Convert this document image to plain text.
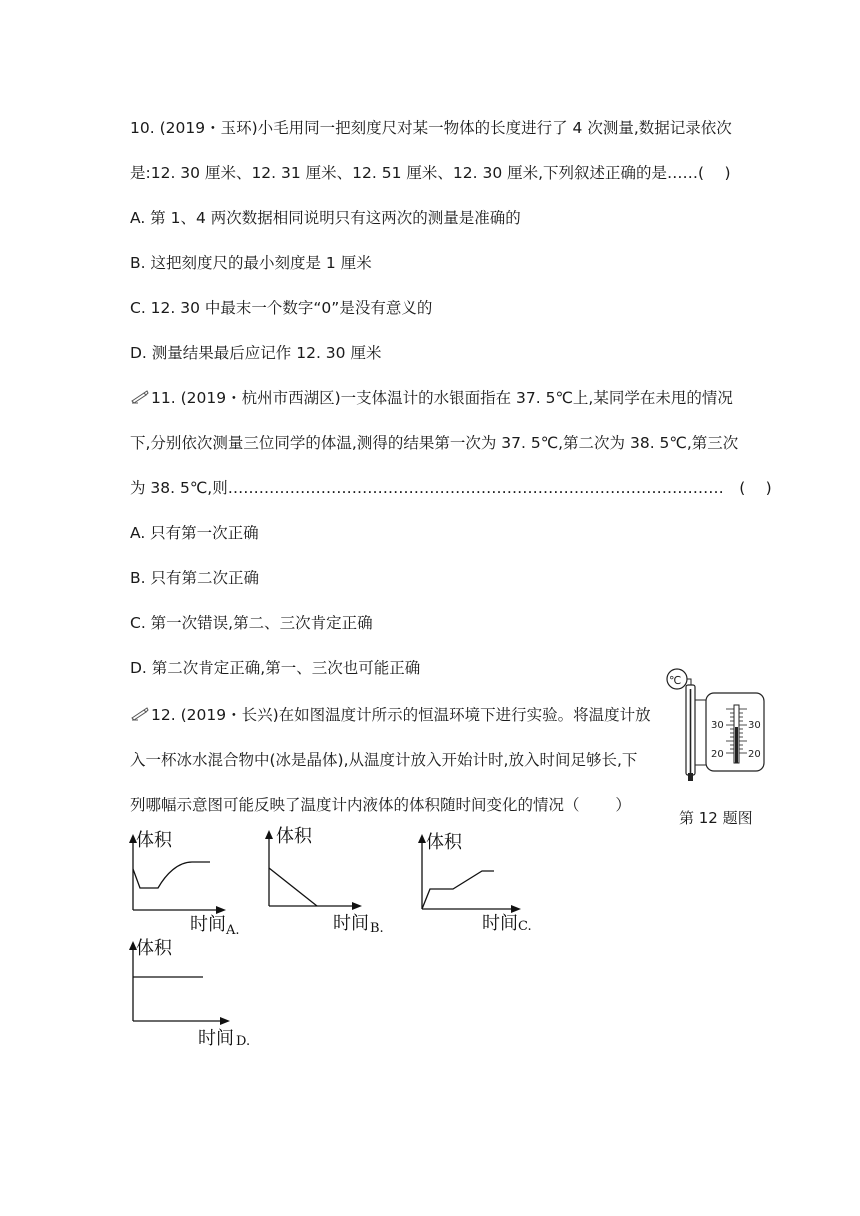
10. (2019・玉环)小毛用同一把刻度尺对某一物体的长度进行了 4 次测量,数据记录依次
是:12. 30 厘米、12. 31 厘米、12. 51 厘米、12. 30 厘米,下列叙述正确的是……(　 )
A. 第 1、4 两次数据相同说明只有这两次的测量是准确的
B. 这把刻度尺的最小刻度是 1 厘米
C. 12. 30 中最末一个数字“0”是没有意义的
D. 测量结果最后应记作 12. 30 厘米
11. (2019・杭州市西湖区)一支体温计的水银面指在 37. 5℃上,某同学在未甩的情况
下,分别依次测量三位同学的体温,测得的结果第一次为 37. 5℃,第二次为 38. 5℃,第三次
为 38. 5℃,则……………………………………………………………………………………　(　 )
A. 只有第一次正确
B. 只有第二次正确
C. 第一次错误,第二、三次肯定正确
D. 第二次肯定正确,第一、三次也可能正确
12. (2019・长兴)在如图温度计所示的恒温环境下进行实验。将温度计放
入一杯冰水混合物中(冰是晶体),从温度计放入开始计时,放入时间足够长,下
列哪幅示意图可能反映了温度计内液体的体积随时间变化的情况（　　 ）
℃
30
20
30
20
第 12 题图
体积
时间 A.
体积
时间 B.
体积
时间 C.
体积
时间 D.
